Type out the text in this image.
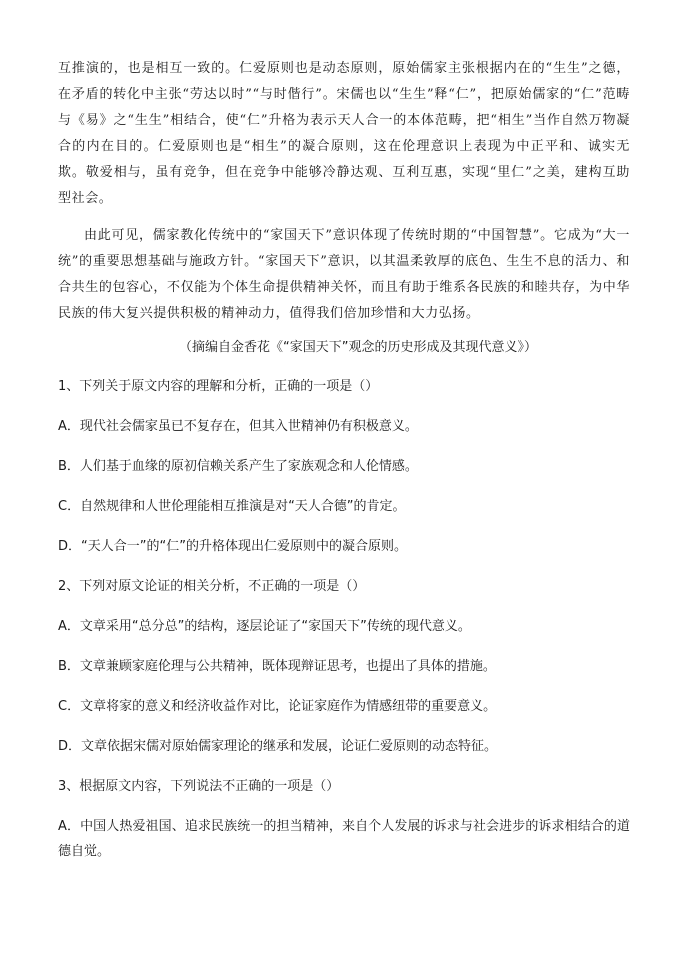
互推演的，也是相互一致的。仁爱原则也是动态原则，原始儒家主张根据内在的“生生”之德，在矛盾的转化中主张“劳达以时”“与时偕行”。宋儒也以“生生”释“仁”，把原始儒家的“仁”范畴与《易》之“生生”相结合，使“仁”升格为表示天人合一的本体范畴，把“相生”当作自然万物凝合的内在目的。仁爱原则也是“相生”的凝合原则，这在伦理意识上表现为中正平和、诚实无欺。敬爱相与，虽有竞争，但在竞争中能够冷静达观、互利互惠，实现“里仁”之美，建构互助型社会。

由此可见，儒家教化传统中的“家国天下”意识体现了传统时期的“中国智慧”。它成为“大一统”的重要思想基础与施政方针。“家国天下”意识，以其温柔敦厚的底色、生生不息的活力、和合共生的包容心，不仅能为个体生命提供精神关怀，而且有助于维系各民族的和睦共存，为中华民族的伟大复兴提供积极的精神动力，值得我们倍加珍惜和大力弘扬。

（摘编自金香花《“家国天下”观念的历史形成及其现代意义》）

1、下列关于原文内容的理解和分析，正确的一项是（）

A．现代社会儒家虽已不复存在，但其入世精神仍有积极意义。

B．人们基于血缘的原初信赖关系产生了家族观念和人伦情感。

C．自然规律和人世伦理能相互推演是对“天人合德”的肯定。

D．“天人合一”的“仁”的升格体现出仁爱原则中的凝合原则。

2、下列对原文论证的相关分析，不正确的一项是（）

A．文章采用“总分总”的结构，逐层论证了“家国天下”传统的现代意义。

B．文章兼顾家庭伦理与公共精神，既体现辩证思考，也提出了具体的措施。

C．文章将家的意义和经济收益作对比，论证家庭作为情感纽带的重要意义。

D．文章依据宋儒对原始儒家理论的继承和发展，论证仁爱原则的动态特征。

3、根据原文内容，下列说法不正确的一项是（）

A．中国人热爱祖国、追求民族统一的担当精神，来自个人发展的诉求与社会进步的诉求相结合的道德自觉。
